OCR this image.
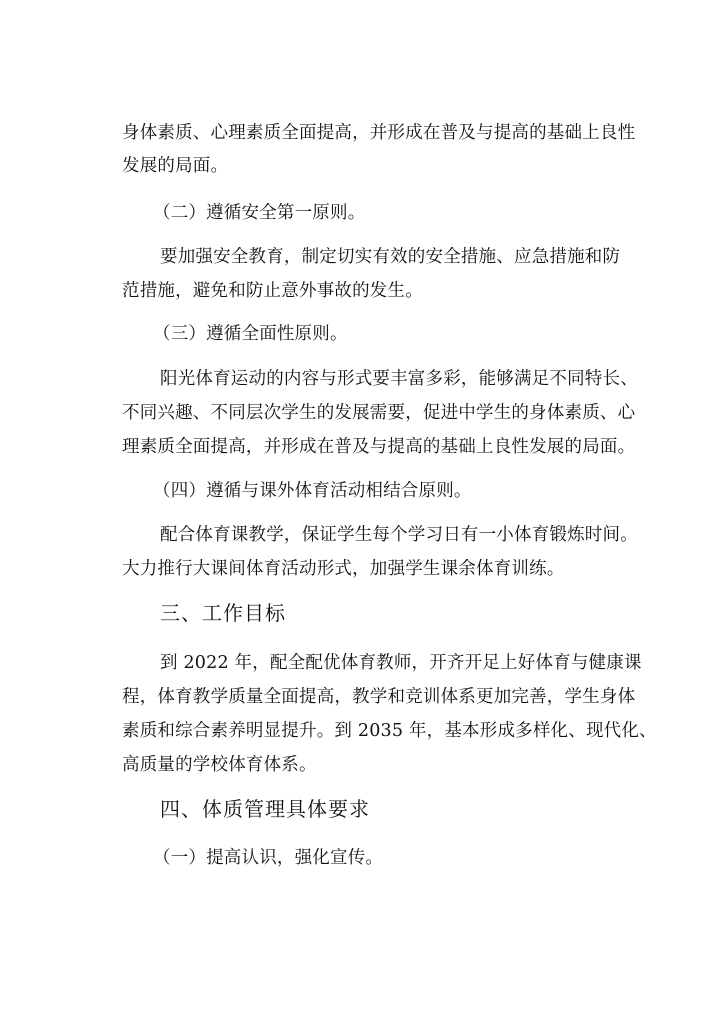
身体素质、心理素质全面提高，并形成在普及与提高的基础上良性
发展的局面。
（二）遵循安全第一原则。
要加强安全教育，制定切实有效的安全措施、应急措施和防
范措施，避免和防止意外事故的发生。
（三）遵循全面性原则。
阳光体育运动的内容与形式要丰富多彩，能够满足不同特长、
不同兴趣、不同层次学生的发展需要，促进中学生的身体素质、心
理素质全面提高，并形成在普及与提高的基础上良性发展的局面。
（四）遵循与课外体育活动相结合原则。
配合体育课教学，保证学生每个学习日有一小体育锻炼时间。
大力推行大课间体育活动形式，加强学生课余体育训练。
三、工作目标
到 2022 年，配全配优体育教师，开齐开足上好体育与健康课
程，体育教学质量全面提高，教学和竞训体系更加完善，学生身体
素质和综合素养明显提升。到 2035 年，基本形成多样化、现代化、
高质量的学校体育体系。
四、体质管理具体要求
（一）提高认识，强化宣传。
